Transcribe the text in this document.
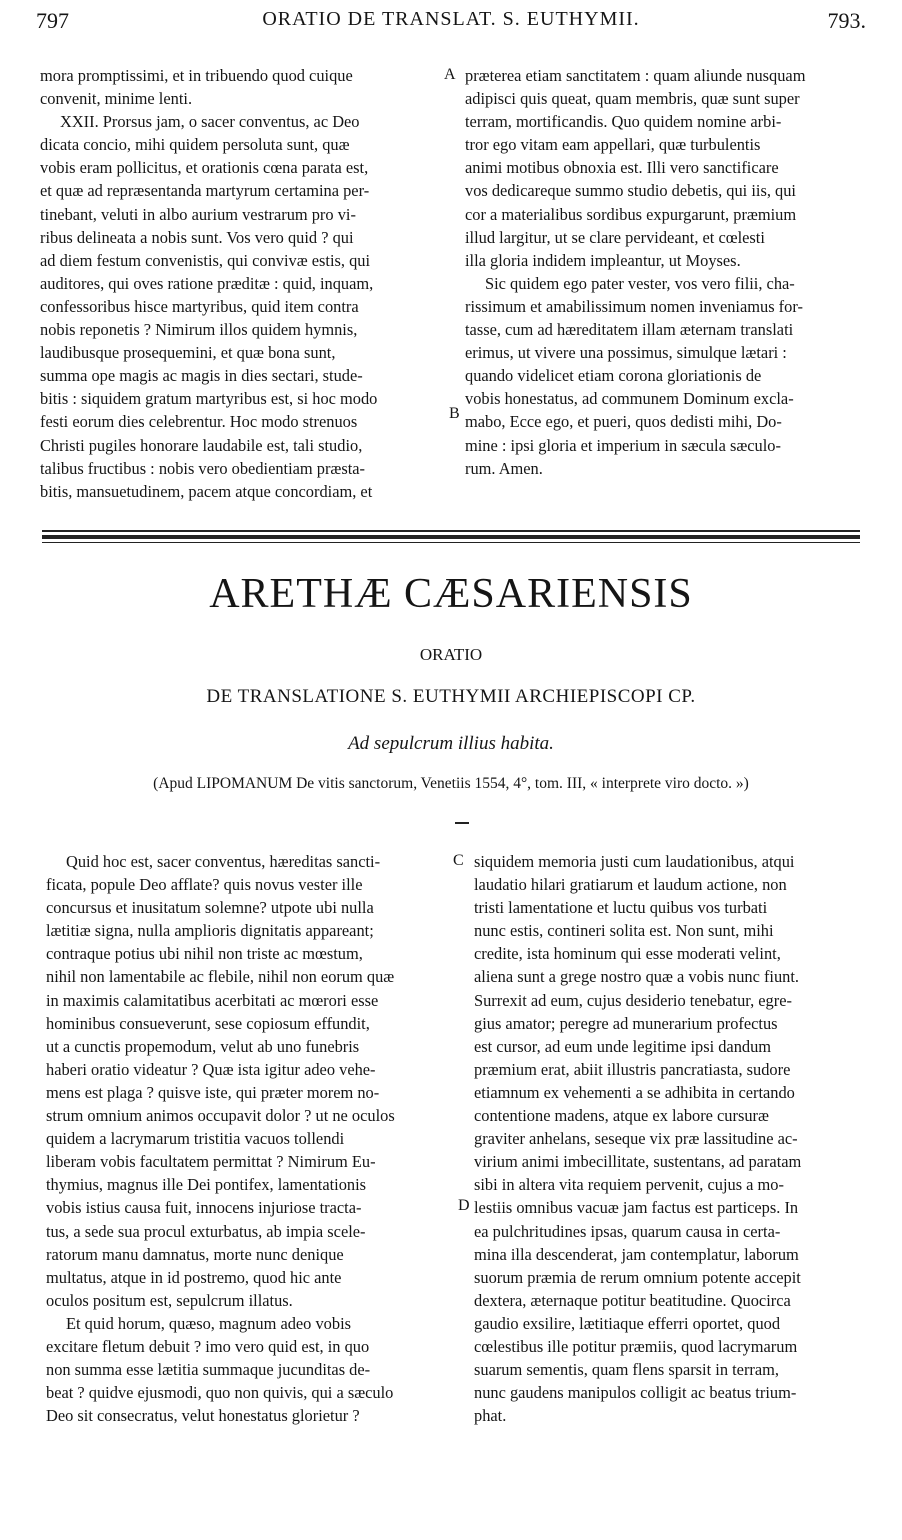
797	ORATIO DE TRANSLAT. S. EUTHYMII.	793.

mora promptissimi, et in tribuendo quod cuique

convenit, minime lenti.

XXII. Prorsus jam, o sacer conventus, ac Deo

dicata concio, mihi quidem persoluta sunt, quæ

vobis eram pollicitus, et orationis cœna parata est,

et quæ ad repræsentanda martyrum certamina per-

tinebant, veluti in albo aurium vestrarum pro vi-

ribus delineata a nobis sunt. Vos vero quid ? qui

ad diem festum convenistis, qui convivæ estis, qui

auditores, qui oves ratione præditæ : quid, inquam,

confessoribus hisce martyribus, quid item contra

nobis reponetis ? Nimirum illos quidem hymnis,

laudibusque prosequemini, et quæ bona sunt,

summa ope magis ac magis in dies sectari, stude-

bitis : siquidem gratum martyribus est, si hoc modo

festi eorum dies celebrentur. Hoc modo strenuos

Christi pugiles honorare laudabile est, tali studio,

talibus fructibus : nobis vero obedientiam præsta-

bitis, mansuetudinem, pacem atque concordiam, et

præterea etiam sanctitatem : quam aliunde nusquam

adipisci quis queat, quam membris, quæ sunt super

terram, mortificandis. Quo quidem nomine arbi-

tror ego vitam eam appellari, quæ turbulentis

animi motibus obnoxia est. Illi vero sanctificare

vos dedicareque summo studio debetis, qui iis, qui

cor a materialibus sordibus expurgarunt, præmium

illud largitur, ut se clare pervideant, et cœlesti

illa gloria indidem impleantur, ut Moyses.

Sic quidem ego pater vester, vos vero filii, cha-

rissimum et amabilissimum nomen inveniamus for-

tasse, cum ad hæreditatem illam æternam translati

erimus, ut vivere una possimus, simulque lætari :

quando videlicet etiam corona gloriationis de

vobis honestatus, ad communem Dominum excla-

mabo, Ecce ego, et pueri, quos dedisti mihi, Do-

mine : ipsi gloria et imperium in sæcula sæculo-

rum. Amen.

A
B
ARETHÆ CÆSARIENSIS
ORATIO
DE TRANSLATIONE S. EUTHYMII ARCHIEPISCOPI CP.
Ad sepulcrum illius habita.
(Apud LIPOMANUM De vitis sanctorum, Venetiis 1554, 4°, tom. III, « interprete viro docto. »)

Quid hoc est, sacer conventus, hæreditas sancti-

ficata, popule Deo afflate? quis novus vester ille

concursus et inusitatum solemne? utpote ubi nulla

lætitiæ signa, nulla amplioris dignitatis appareant;

contraque potius ubi nihil non triste ac mœstum,

nihil non lamentabile ac flebile, nihil non eorum quæ

in maximis calamitatibus acerbitati ac mœrori esse

hominibus consueverunt, sese copiosum effundit,

ut a cunctis propemodum, velut ab uno funebris

haberi oratio videatur ? Quæ ista igitur adeo vehe-

mens est plaga ? quisve iste, qui præter morem no-

strum omnium animos occupavit dolor ? ut ne oculos

quidem a lacrymarum tristitia vacuos tollendi

liberam vobis facultatem permittat ? Nimirum Eu-

thymius, magnus ille Dei pontifex, lamentationis

vobis istius causa fuit, innocens injuriose tracta-

tus, a sede sua procul exturbatus, ab impia scele-

ratorum manu damnatus, morte nunc denique

multatus, atque in id postremo, quod hic ante

oculos positum est, sepulcrum illatus.

Et quid horum, quæso, magnum adeo vobis

excitare fletum debuit ? imo vero quid est, in quo

non summa esse lætitia summaque jucunditas de-

beat ? quidve ejusmodi, quo non quivis, qui a sæculo

Deo sit consecratus, velut honestatus glorietur ?

siquidem memoria justi cum laudationibus, atqui

laudatio hilari gratiarum et laudum actione, non

tristi lamentatione et luctu quibus vos turbati

nunc estis, contineri solita est. Non sunt, mihi

credite, ista hominum qui esse moderati velint,

aliena sunt a grege nostro quæ a vobis nunc fiunt.

Surrexit ad eum, cujus desiderio tenebatur, egre-

gius amator; peregre ad munerarium profectus

est cursor, ad eum unde legitime ipsi dandum

præmium erat, abiit illustris pancratiasta, sudore

etiamnum ex vehementi a se adhibita in certando

contentione madens, atque ex labore cursuræ

graviter anhelans, seseque vix præ lassitudine ac-

virium animi imbecillitate, sustentans, ad paratam

sibi in altera vita requiem pervenit, cujus a mo-

lestiis omnibus vacuæ jam factus est particeps. In

ea pulchritudines ipsas, quarum causa in certa-

mina illa descenderat, jam contemplatur, laborum

suorum præmia de rerum omnium potente accepit

dextera, æternaque potitur beatitudine. Quocirca

gaudio exsilire, lætitiaque efferri oportet, quod

cœlestibus ille potitur præmiis, quod lacrymarum

suarum sementis, quam flens sparsit in terram,

nunc gaudens manipulos colligit ac beatus trium-

phat.

C
D
